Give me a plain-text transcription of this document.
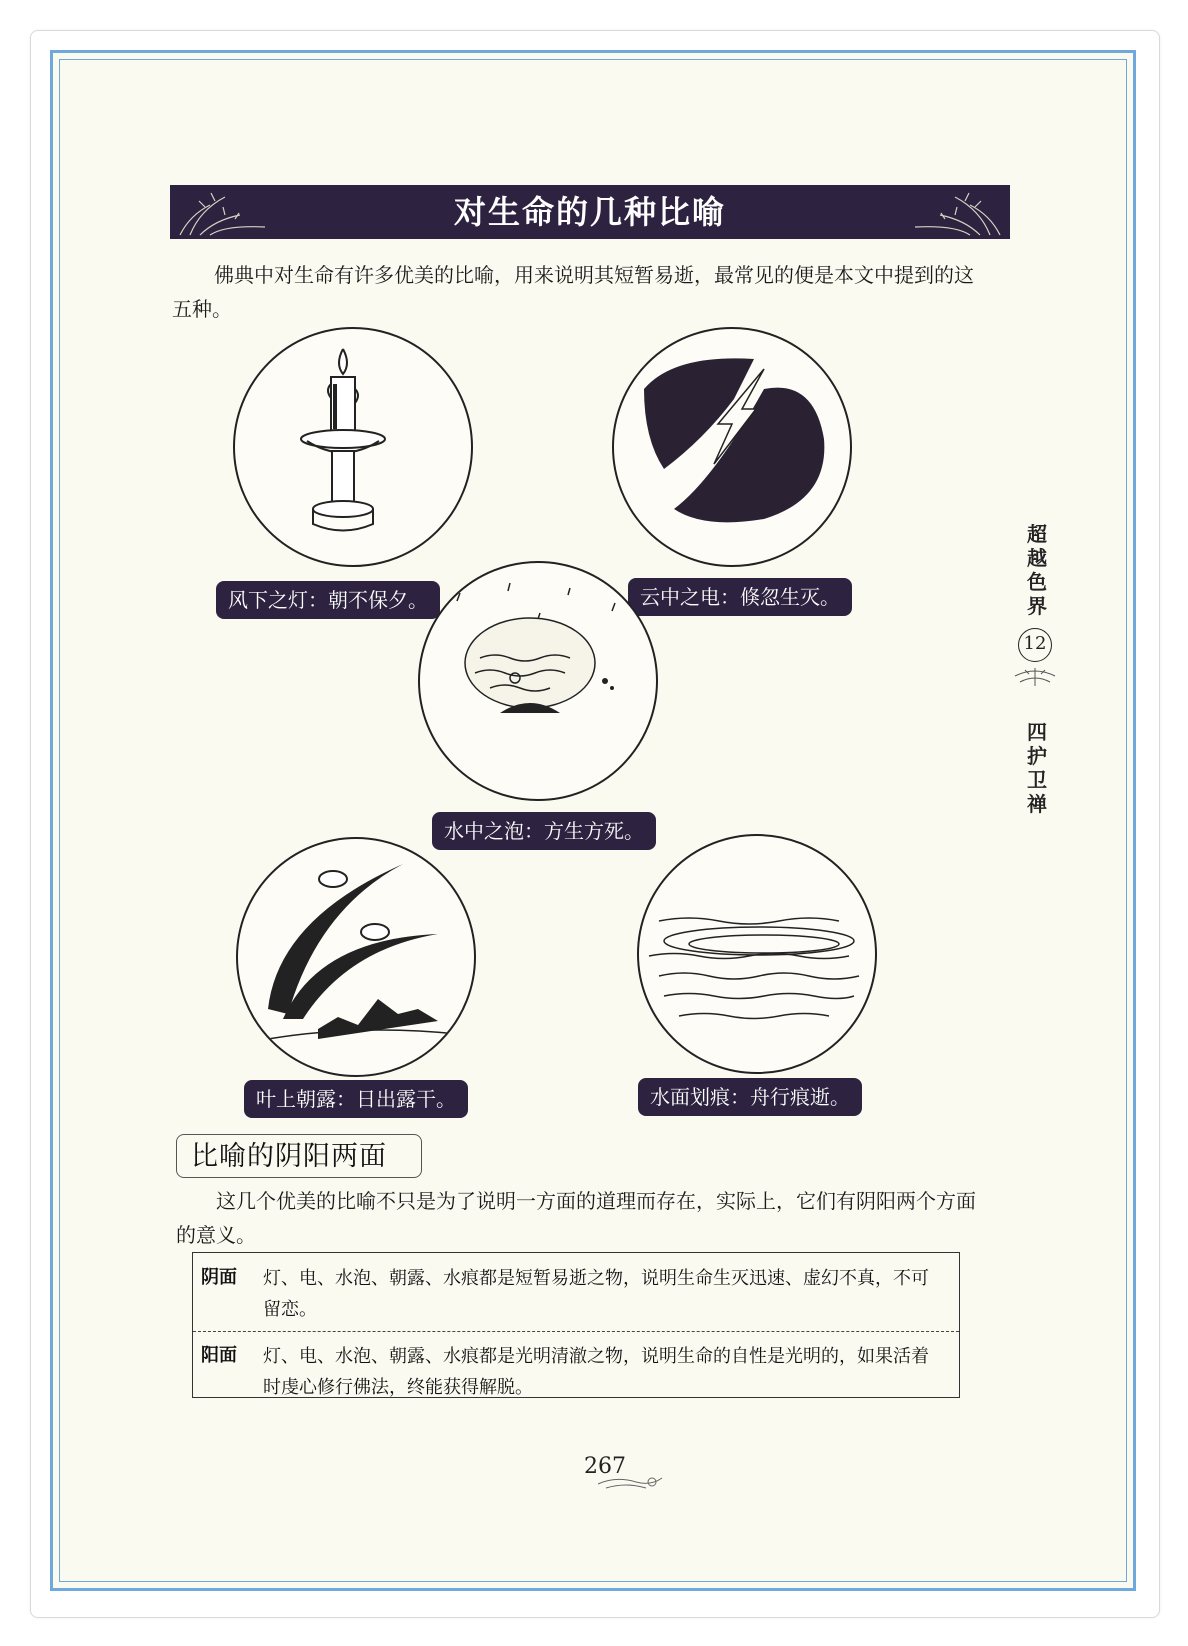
对生命的几种比喻
佛典中对生命有许多优美的比喻，用来说明其短暂易逝，最常见的便是本文中提到的这五种。
风下之灯：朝不保夕。	云中之电：倏忽生灭。
水中之泡：方生方死。
叶上朝露：日出露干。	水面划痕：舟行痕逝。
比喻的阴阳两面
这几个优美的比喻不只是为了说明一方面的道理而存在，实际上，它们有阴阳两个方面的意义。
阴面 灯、电、水泡、朝露、水痕都是短暂易逝之物，说明生命生灭迅速、虚幻不真，不可留恋。
阳面 灯、电、水泡、朝露、水痕都是光明清澈之物，说明生命的自性是光明的，如果活着时虔心修行佛法，终能获得解脱。
超越色界
12
四护卫禅
267
